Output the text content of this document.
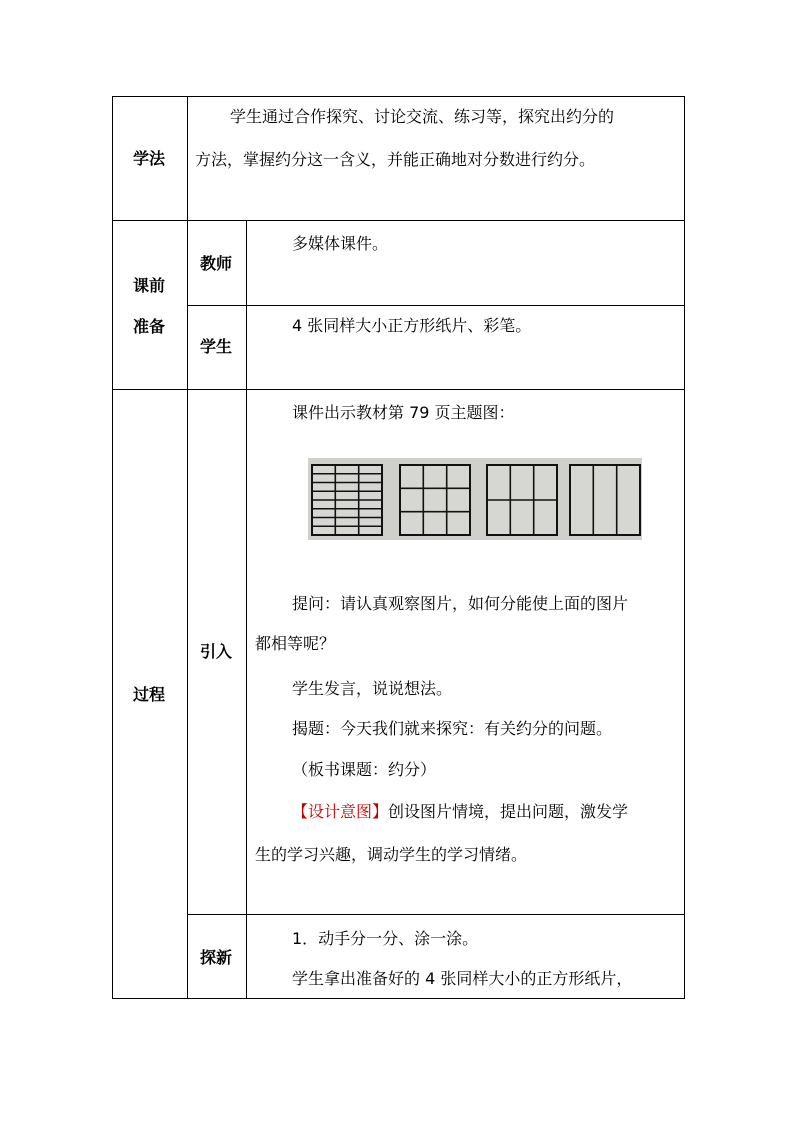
学法
学生通过合作探究、讨论交流、练习等，探究出约分的
方法，掌握约分这一含义，并能正确地对分数进行约分。
课前
准备
教师
多媒体课件。
学生
4 张同样大小正方形纸片、彩笔。
过程
引入
课件出示教材第 79 页主题图：
提问：请认真观察图片，如何分能使上面的图片
都相等呢？
学生发言，说说想法。
揭题：今天我们就来探究：有关约分的问题。
（板书课题：约分）
【设计意图】创设图片情境，提出问题，激发学
生的学习兴趣，调动学生的学习情绪。
探新
1．动手分一分、涂一涂。
学生拿出准备好的 4 张同样大小的正方形纸片，
